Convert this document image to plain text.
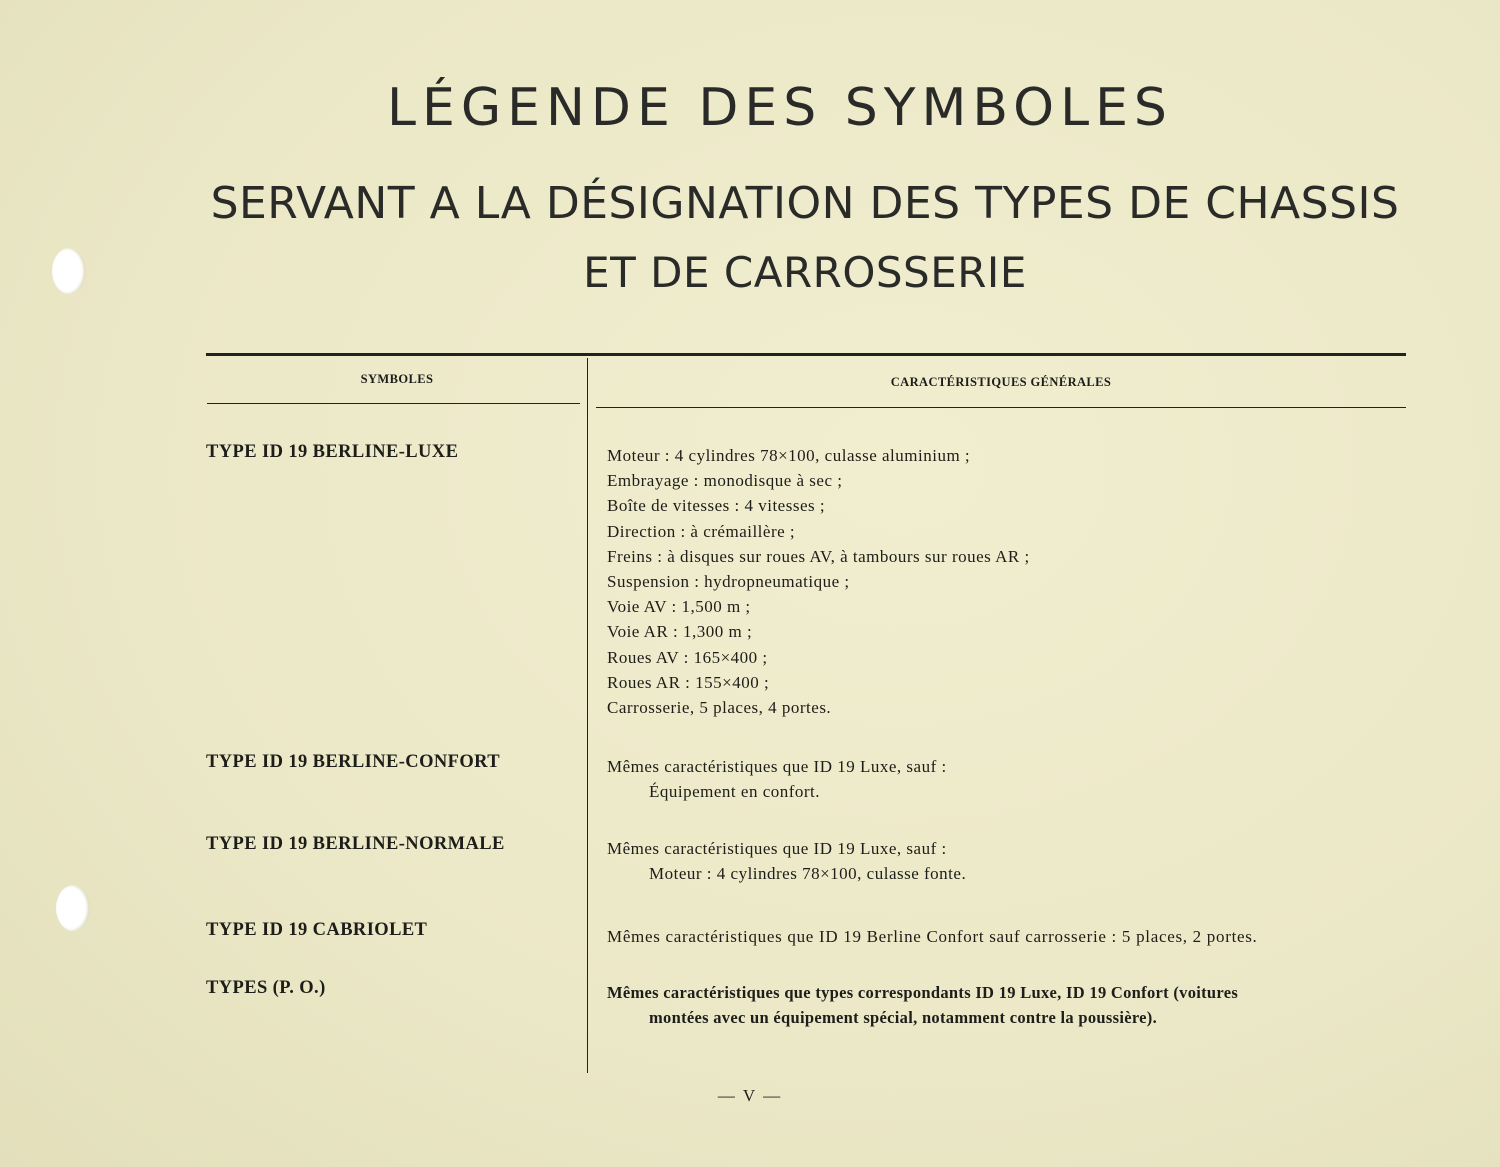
LÉGENDE DES SYMBOLES
SERVANT A LA DÉSIGNATION DES TYPES DE CHASSIS
ET DE CARROSSERIE
SYMBOLES	CARACTÉRISTIQUES GÉNÉRALES
TYPE ID 19 BERLINE-LUXE	Moteur : 4 cylindres 78×100, culasse aluminium ;
Embrayage : monodisque à sec ;
Boîte de vitesses : 4 vitesses ;
Direction : à crémaillère ;
Freins : à disques sur roues AV, à tambours sur roues AR ;
Suspension : hydropneumatique ;
Voie AV : 1,500 m ;
Voie AR : 1,300 m ;
Roues AV : 165×400 ;
Roues AR : 155×400 ;
Carrosserie, 5 places, 4 portes.
TYPE ID 19 BERLINE-CONFORT	Mêmes caractéristiques que ID 19 Luxe, sauf :
Équipement en confort.
TYPE ID 19 BERLINE-NORMALE	Mêmes caractéristiques que ID 19 Luxe, sauf :
Moteur : 4 cylindres 78×100, culasse fonte.
TYPE ID 19 CABRIOLET	Mêmes caractéristiques que ID 19 Berline Confort sauf carrosserie : 5 places, 2 portes.
TYPES (P. O.)	Mêmes caractéristiques que types correspondants ID 19 Luxe, ID 19 Confort (voitures
montées avec un équipement spécial, notamment contre la poussière).
— V —
